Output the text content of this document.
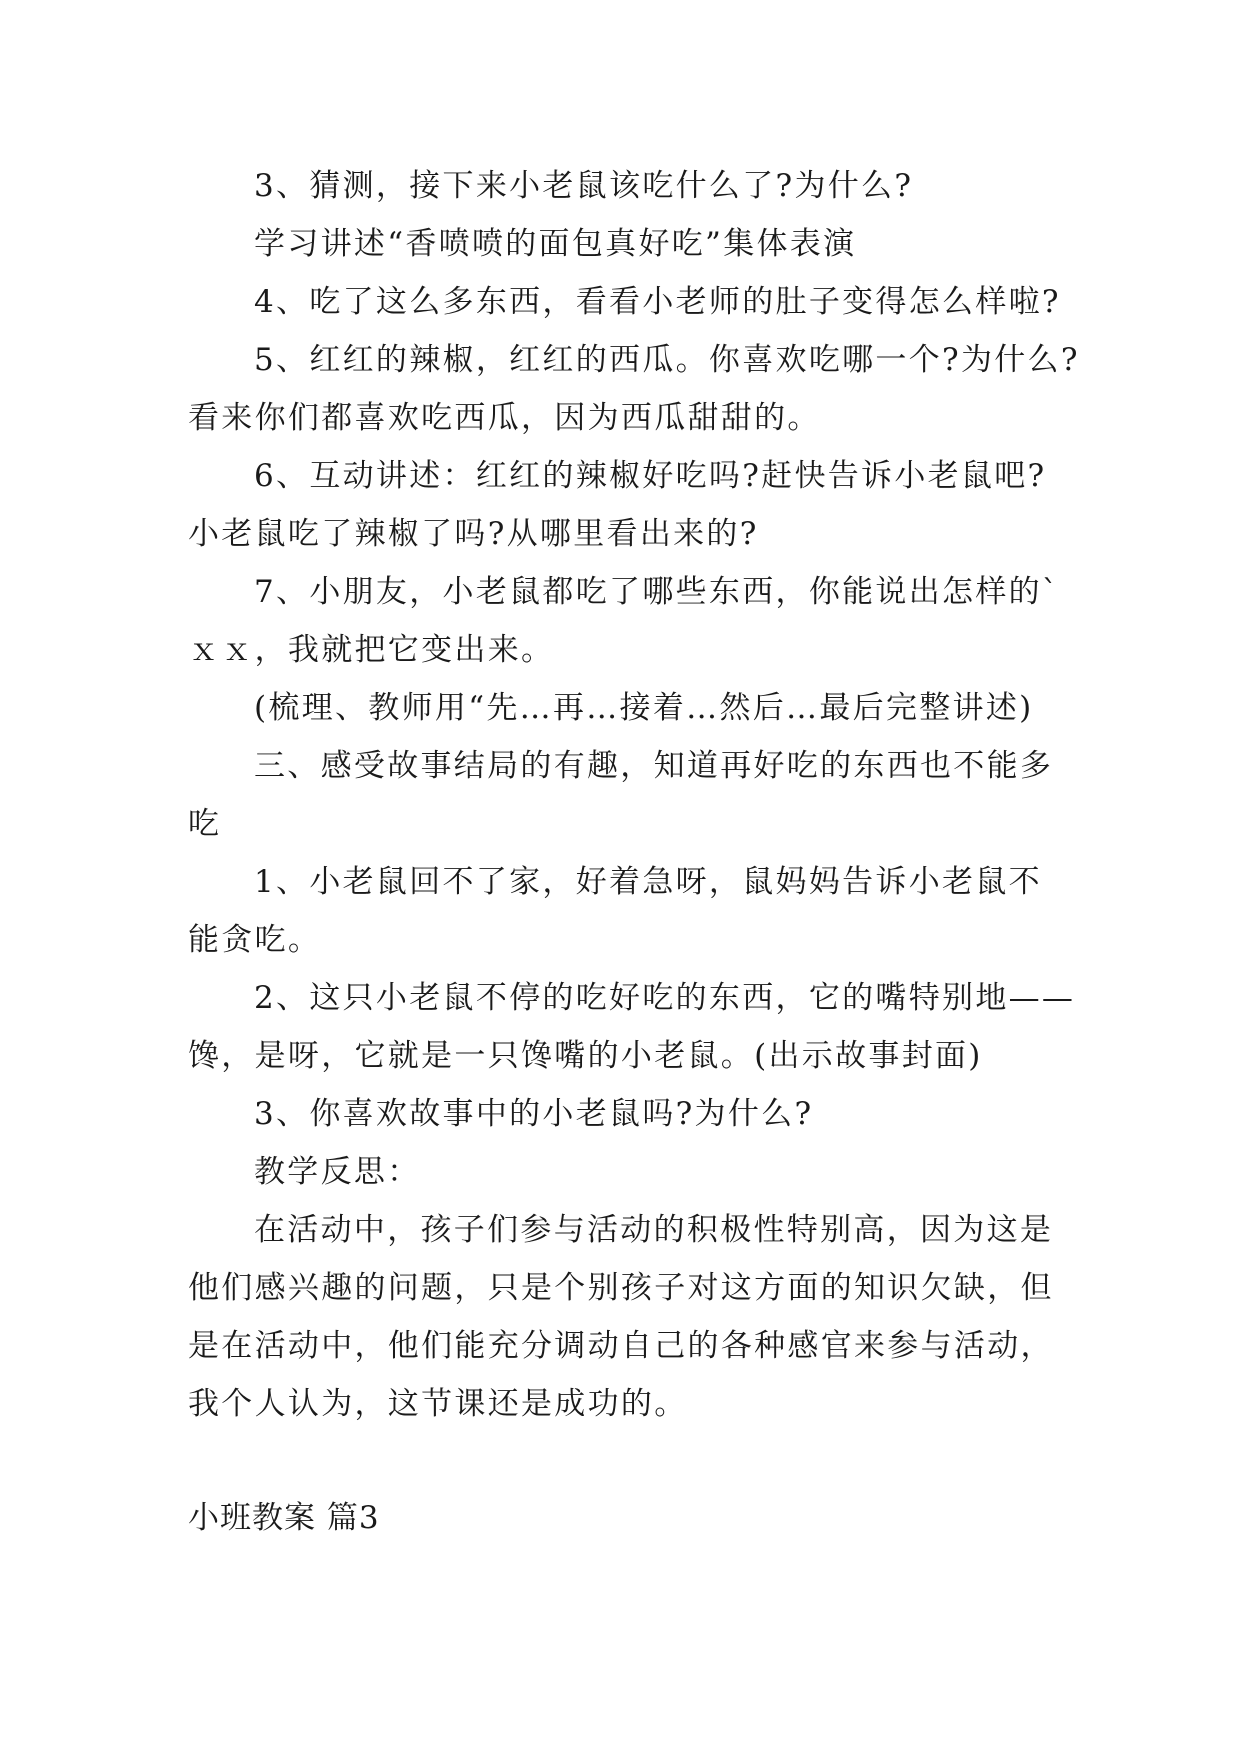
3、猜测，接下来小老鼠该吃什么了?为什么?
学习讲述“香喷喷的面包真好吃”集体表演
4、吃了这么多东西，看看小老师的肚子变得怎么样啦?
5、红红的辣椒，红红的西瓜。你喜欢吃哪一个?为什么?
看来你们都喜欢吃西瓜，因为西瓜甜甜的。
6、互动讲述：红红的辣椒好吃吗?赶快告诉小老鼠吧?
小老鼠吃了辣椒了吗?从哪里看出来的?
7、小朋友，小老鼠都吃了哪些东西，你能说出怎样的`
ｘｘ，我就把它变出来。
(梳理、教师用“先…再…接着…然后…最后完整讲述)
三、感受故事结局的有趣，知道再好吃的东西也不能多
吃
1、小老鼠回不了家，好着急呀，鼠妈妈告诉小老鼠不
能贪吃。
2、这只小老鼠不停的吃好吃的东西，它的嘴特别地——
馋，是呀，它就是一只馋嘴的小老鼠。(出示故事封面)
3、你喜欢故事中的小老鼠吗?为什么?
教学反思：
在活动中，孩子们参与活动的积极性特别高，因为这是
他们感兴趣的问题，只是个别孩子对这方面的知识欠缺，但
是在活动中，他们能充分调动自己的各种感官来参与活动，
我个人认为，这节课还是成功的。
小班教案 篇3
